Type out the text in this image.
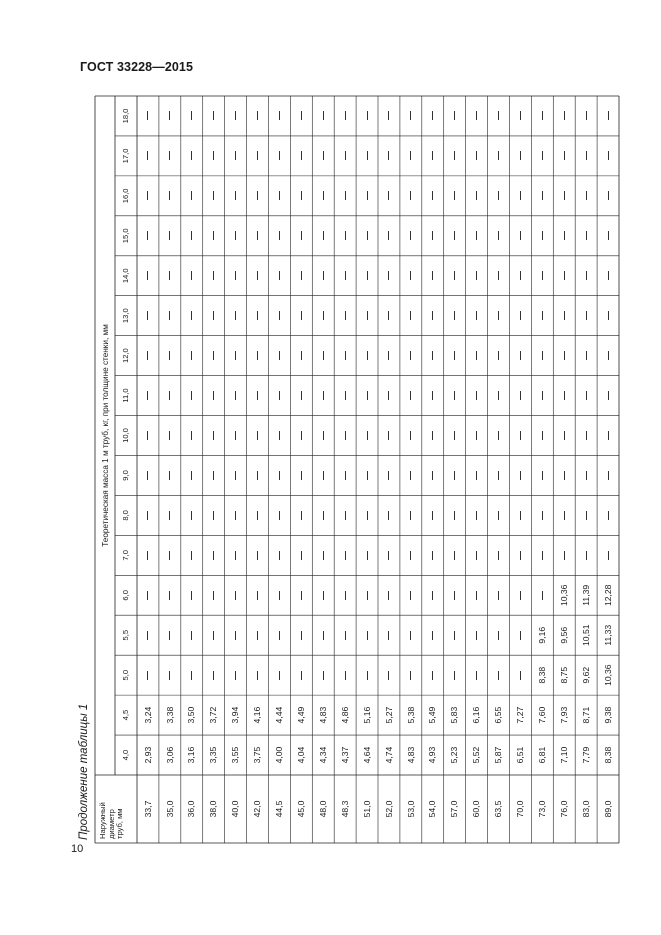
ГОСТ 33228—2015
10
Продолжение таблицы 1 Наружный диаметр труб, мм
Теоретическая масса 1 м труб, кг, при толщине стенки, мм
4,0
4,5
5,0
5,5
6,0
7,0
8,0
9,0
10,0
11,0
12,0
13,0
14,0
15,0
16,0
17,0
18,0
33,7
2,93
3,24
35,0
3,06
3,38
36,0
3,16
3,50
38,0
3,35
3,72
40,0
3,55
3,94
42,0
3,75
4,16
44,5
4,00
4,44
45,0
4,04
4,49
48,0
4,34
4,83
48,3
4,37
4,86
51,0
4,64
5,16
52,0
4,74
5,27
53,0
4,83
5,38
54,0
4,93
5,49
57,0
5,23
5,83
60,0
5,52
6,16
63,5
5,87
6,55
70,0
6,51
7,27
73,0
6,81
7,60
8,38
9,16
76,0
7,10
7,93
8,75
9,56
10,36
83,0
7,79
8,71
9,62
10,51
11,39
89,0
8,38
9,38
10,36
11,33
12,28
